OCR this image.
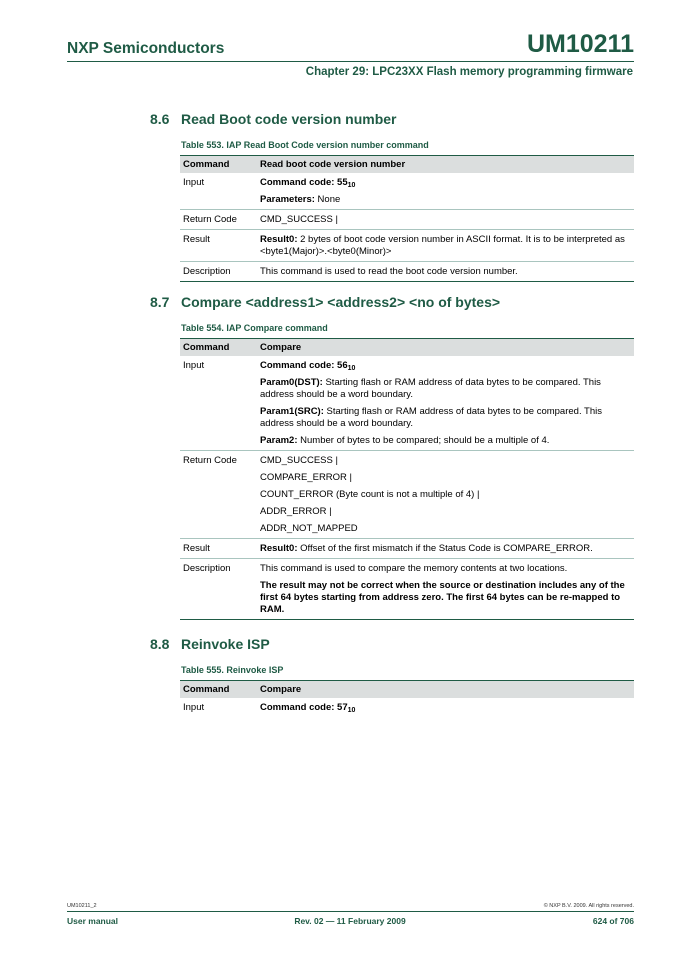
NXP Semiconductors	UM10211
Chapter 29: LPC23XX Flash memory programming firmware
8.6 Read Boot code version number
Table 553. IAP Read Boot Code version number command
Command	Read boot code version number
Input	Command code: $55_{10}$
Parameters: None

Return Code	CMD_SUCCESS |

Result	Result0: 2 bytes of boot code version number in ASCII format. It is to be interpreted as <byte1(Major)>.<byte0(Minor)>

Description	This command is used to read the boot code version number.
8.7 Compare <address1> <address2> <no of bytes>
Table 554. IAP Compare command
Command	Compare
Input	Command code: $56_{10}$
Param0(DST): Starting flash or RAM address of data bytes to be compared. This address should be a word boundary.
Param1(SRC): Starting flash or RAM address of data bytes to be compared. This address should be a word boundary.
Param2: Number of bytes to be compared; should be a multiple of 4.

Return Code	CMD_SUCCESS |
COMPARE_ERROR |
COUNT_ERROR (Byte count is not a multiple of 4) |
ADDR_ERROR |
ADDR_NOT_MAPPED

Result	Result0: Offset of the first mismatch if the Status Code is COMPARE_ERROR.

Description	This command is used to compare the memory contents at two locations.
The result may not be correct when the source or destination includes any of the first 64 bytes starting from address zero. The first 64 bytes can be re-mapped to RAM.
8.8 Reinvoke ISP
Table 555. Reinvoke ISP
Command	Compare
Input	Command code: $57_{10}$
UM10211_2	© NXP B.V. 2009. All rights reserved.
User manual	Rev. 02 — 11 February 2009	624 of 706
